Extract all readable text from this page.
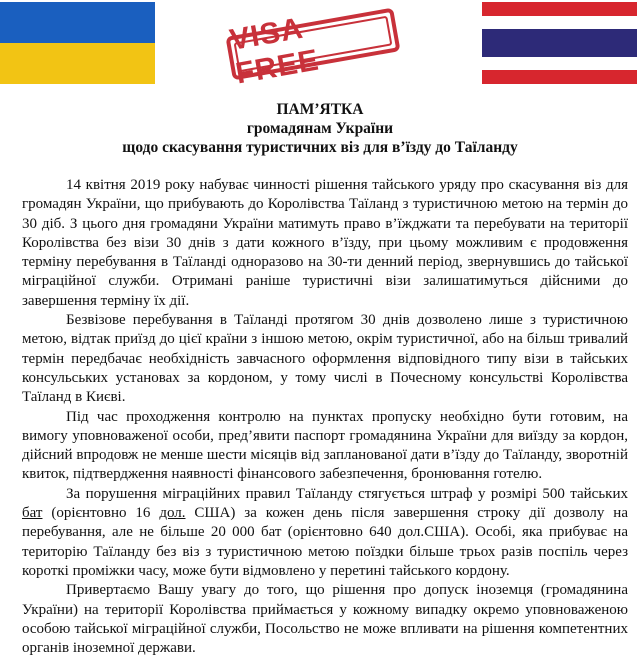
VISA FREE
ПАМ’ЯТКА
громадянам України
щодо скасування туристичних віз для в’їзду до Таїланду

14 квітня 2019 року набуває чинності рішення тайського уряду про скасування віз для громадян України, що прибувають до Королівства Таїланд з туристичною метою на термін до 30 діб. З цього дня громадяни України матимуть право в’їжджати та перебувати на території Королівства без візи 30 днів з дати кожного в’їзду, при цьому можливим є продовження терміну перебування в Таїланді одноразово на 30-ти денний період, звернувшись до тайської міграційної служби. Отримані раніше туристичні візи залишатимуться дійсними до завершення терміну їх дії.

Безвізове перебування в Таїланді протягом 30 днів дозволено лише з туристичною метою, відтак приїзд до цієї країни з іншою метою, окрім туристичної, або на більш тривалий термін передбачає необхідність завчасного оформлення відповідного типу візи в тайських консульських установах за кордоном, у тому числі в Почесному консульстві Королівства Таїланд в Києві.

Під час проходження контролю на пунктах пропуску необхідно бути готовим, на вимогу уповноваженої особи, пред’явити паспорт громадянина України для виїзду за кордон, дійсний впродовж не менше шести місяців від запланованої дати в’їзду до Таїланду, зворотній квиток, підтвердження наявності фінансового забезпечення, бронювання готелю.

За порушення міграційних правил Таїланду стягується штраф у розмірі 500 тайських бат (орієнтовно 16 дол. США) за кожен день після завершення строку дії дозволу на перебування, але не більше 20 000 бат (орієнтовно 640 дол.США). Особі, яка прибуває на територію Таїланду без віз з туристичною метою поїздки більше трьох разів поспіль через короткі проміжки часу, може бути відмовлено у перетині тайського кордону.

Привертаємо Вашу увагу до того, що рішення про допуск іноземця (громадянина України) на території Королівства приймається у кожному випадку окремо уповноваженою особою тайської міграційної служби, Посольство не може впливати на рішення компетентних органів іноземної держави.
